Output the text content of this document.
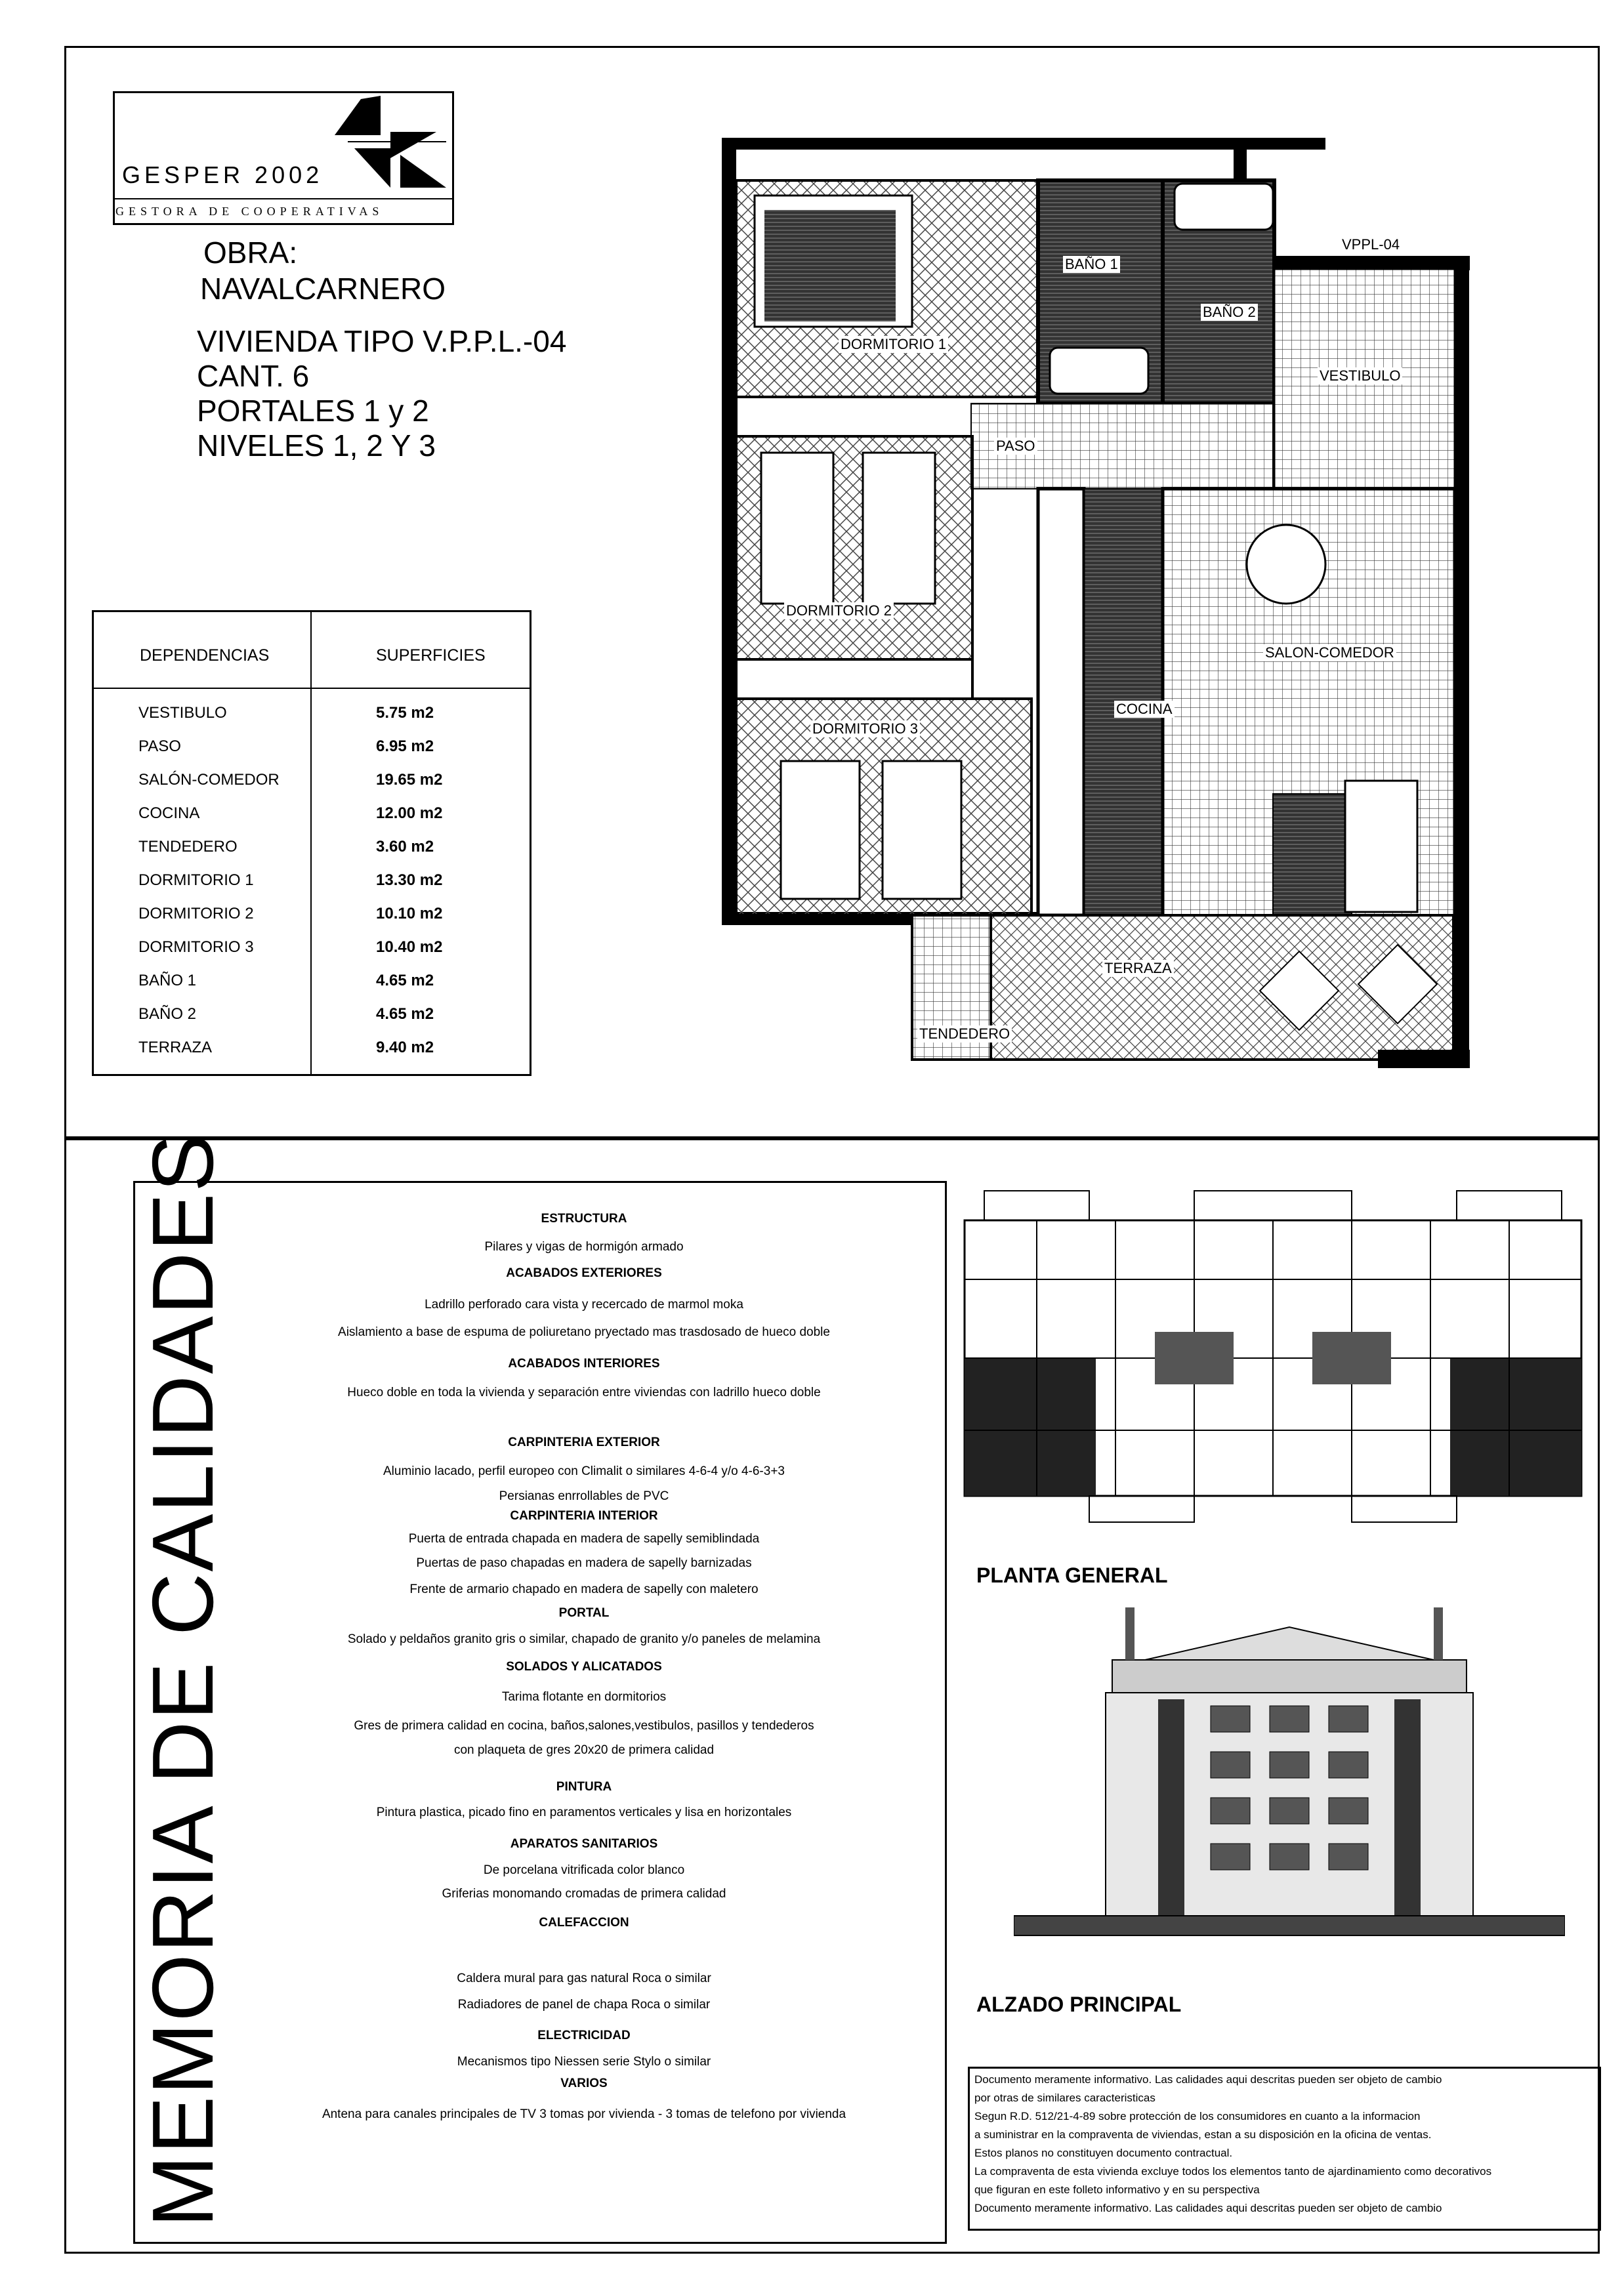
GESPER 2002
GESTORA DE COOPERATIVAS
OBRA:
NAVALCARNERO
VIVIENDA TIPO V.P.P.L.-04
CANT. 6
PORTALES 1 y 2
NIVELES 1, 2 Y 3
DEPENDENCIAS	SUPERFICIES
VESTIBULO	5.75 m2
PASO	6.95 m2
SALÓN-COMEDOR	19.65 m2
COCINA	12.00 m2
TENDEDERO	3.60 m2
DORMITORIO 1	13.30 m2
DORMITORIO 2	10.10 m2
DORMITORIO 3	10.40 m2
BAÑO 1	4.65 m2
BAÑO 2	4.65 m2
TERRAZA	9.40 m2
BAÑO 1
BAÑO 2
VPPL-04
DORMITORIO 1
VESTIBULO
PASO
DORMITORIO 2
SALON-COMEDOR
COCINA
DORMITORIO 3
TERRAZA
TENDEDERO
MEMORIA DE CALIDADES	ESTRUCTURA
Pilares y vigas de hormigón armado
ACABADOS EXTERIORES
Ladrillo perforado cara vista y recercado de marmol moka
Aislamiento a base de espuma de poliuretano pryectado mas trasdosado de hueco doble
ACABADOS INTERIORES
Hueco doble en toda la vivienda y separación entre viviendas con ladrillo hueco doble
CARPINTERIA EXTERIOR
Aluminio lacado, perfil europeo con Climalit o similares 4-6-4 y/o 4-6-3+3
Persianas enrrollables de PVC
CARPINTERIA INTERIOR
Puerta de entrada chapada en madera de sapelly semiblindada
Puertas de paso chapadas en madera de sapelly barnizadas
Frente de armario chapado en madera de sapelly con maletero
PORTAL
Solado y peldaños granito gris o similar, chapado de granito y/o paneles de melamina
SOLADOS Y ALICATADOS
Tarima flotante en dormitorios
Gres de primera calidad en cocina, baños,salones,vestibulos, pasillos y tendederos
con plaqueta de gres 20x20 de primera calidad
PINTURA
Pintura plastica, picado fino en paramentos verticales y lisa en horizontales
APARATOS SANITARIOS
De porcelana vitrificada color blanco
Griferias monomando cromadas de primera calidad
CALEFACCION
Caldera mural para gas natural Roca o similar
Radiadores de panel de chapa Roca o similar
ELECTRICIDAD
Mecanismos tipo Niessen serie Stylo o similar
VARIOS
Antena para canales principales de TV 3 tomas por vivienda - 3 tomas de telefono por vivienda
PLANTA GENERAL
ALZADO PRINCIPAL
Documento meramente informativo. Las calidades aqui descritas pueden ser objeto de cambio
por otras de similares caracteristicas
Segun R.D. 512/21-4-89 sobre protección de los consumidores en cuanto a la informacion
a suministrar en la compraventa de viviendas, estan a su disposición en la oficina de ventas.
Estos planos no constituyen documento contractual.
La compraventa de esta vivienda excluye todos los elementos tanto de ajardinamiento como decorativos
que figuran en este folleto informativo y en su perspectiva
Documento meramente informativo. Las calidades aqui descritas pueden ser objeto de cambio
